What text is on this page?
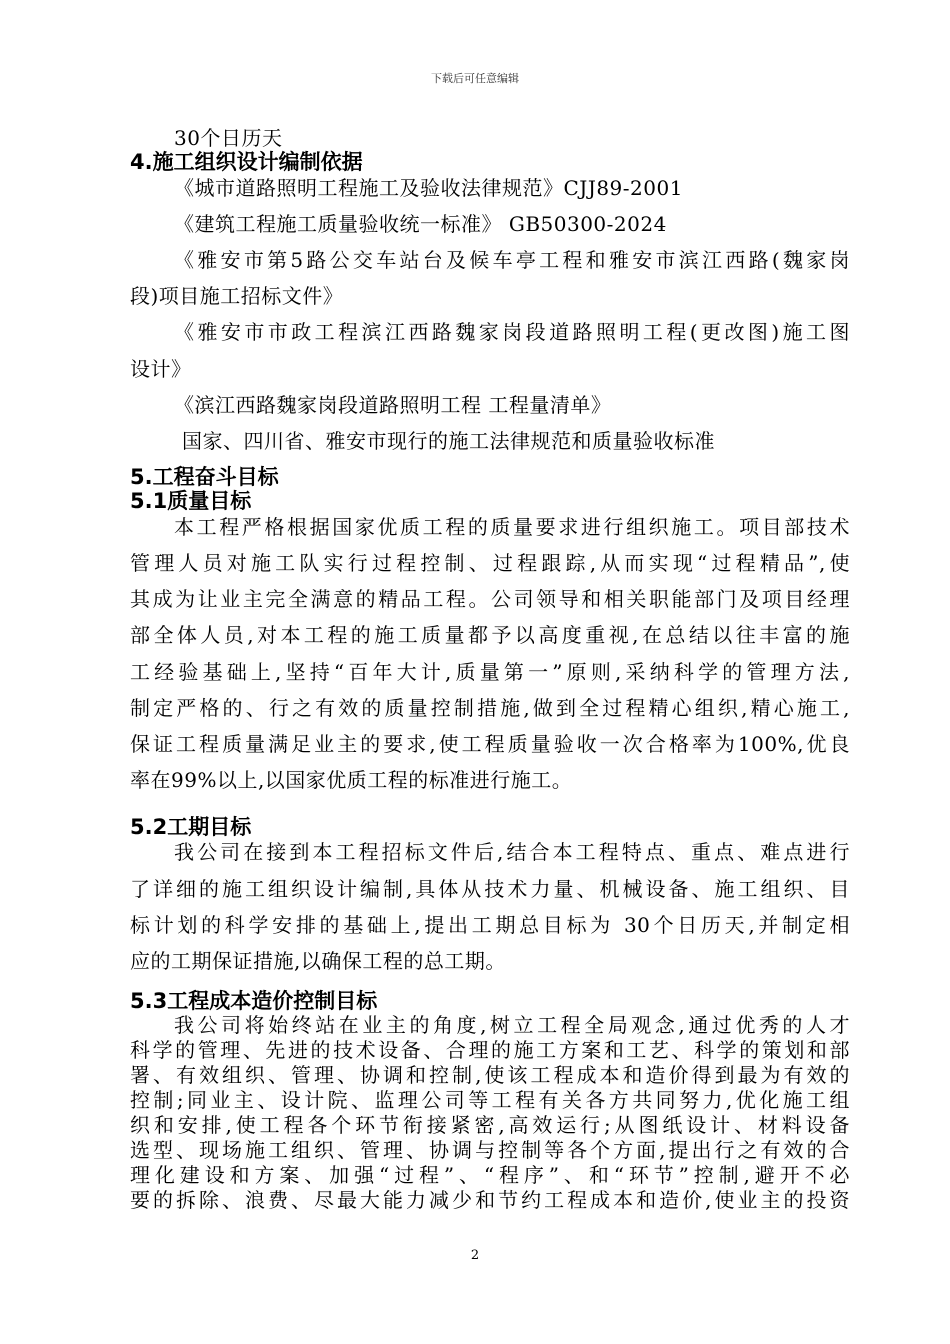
下载后可任意编辑
30个日历天
4.施工组织设计编制依据
《城市道路照明工程施工及验收法律规范》CJJ89-2001
《建筑工程施工质量验收统一标准》 GB50300-2024
《雅安市第5路公交车站台及候车亭工程和雅安市滨江西路(魏家岗
段)项目施工招标文件》
《雅安市市政工程滨江西路魏家岗段道路照明工程(更改图)施工图
设计》
《滨江西路魏家岗段道路照明工程 工程量清单》
国家、四川省、雅安市现行的施工法律规范和质量验收标准
5.工程奋斗目标
5.1质量目标
本工程严格根据国家优质工程的质量要求进行组织施工。项目部技术
管理人员对施工队实行过程控制、过程跟踪,从而实现“过程精品”,使
其成为让业主完全满意的精品工程。公司领导和相关职能部门及项目经理
部全体人员,对本工程的施工质量都予以高度重视,在总结以往丰富的施
工经验基础上,坚持“百年大计,质量第一”原则,采纳科学的管理方法,
制定严格的、行之有效的质量控制措施,做到全过程精心组织,精心施工,
保证工程质量满足业主的要求,使工程质量验收一次合格率为100%,优良
率在99%以上,以国家优质工程的标准进行施工。
5.2工期目标
我公司在接到本工程招标文件后,结合本工程特点、重点、难点进行
了详细的施工组织设计编制,具体从技术力量、机械设备、施工组织、目
标计划的科学安排的基础上,提出工期总目标为 30个日历天,并制定相
应的工期保证措施,以确保工程的总工期。
5.3工程成本造价控制目标
我公司将始终站在业主的角度,树立工程全局观念,通过优秀的人才
科学的管理、先进的技术设备、合理的施工方案和工艺、科学的策划和部
署、有效组织、管理、协调和控制,使该工程成本和造价得到最为有效的
控制;同业主、设计院、监理公司等工程有关各方共同努力,优化施工组
织和安排,使工程各个环节衔接紧密,高效运行;从图纸设计、材料设备
选型、现场施工组织、管理、协调与控制等各个方面,提出行之有效的合
理化建设和方案、加强“过程”、“程序”、和“环节”控制,避开不必
要的拆除、浪费、尽最大能力减少和节约工程成本和造价,使业主的投资
2
